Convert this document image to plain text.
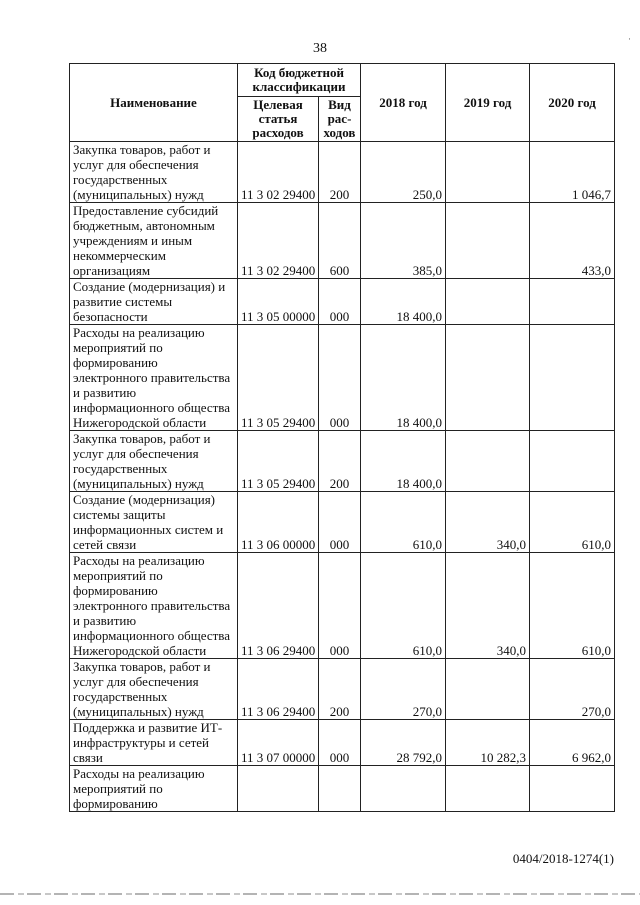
38
·
Наименование	Код бюджетной классификации		2018 год	2019 год	2020 год
	Целевая статья расходов	Вид рас-ходов			
Закупка товаров, работ и услуг для обеспечения государственных (муниципальных) нужд	11 3 02 29400	200	250,0		1 046,7
Предоставление субсидий бюджетным, автономным учреждениям и иным некоммерческим организациям	11 3 02 29400	600	385,0		433,0
Создание (модернизация) и развитие системы безопасности	11 3 05 00000	000	18 400,0		
Расходы на реализацию мероприятий по формированию электронного правительства и развитию информационного общества Нижегородской области	11 3 05 29400	000	18 400,0		
Закупка товаров, работ и услуг для обеспечения государственных (муниципальных) нужд	11 3 05 29400	200	18 400,0		
Создание (модернизация) системы защиты информационных систем и сетей связи	11 3 06 00000	000	610,0	340,0	610,0
Расходы на реализацию мероприятий по формированию электронного правительства и развитию информационного общества Нижегородской области	11 3 06 29400	000	610,0	340,0	610,0
Закупка товаров, работ и услуг для обеспечения государственных (муниципальных) нужд	11 3 06 29400	200	270,0		270,0
Поддержка и развитие ИТ-инфраструктуры и сетей связи	11 3 07 00000	000	28 792,0	10 282,3	6 962,0
Расходы на реализацию мероприятий по формированию					
0404/2018-1274(1)
